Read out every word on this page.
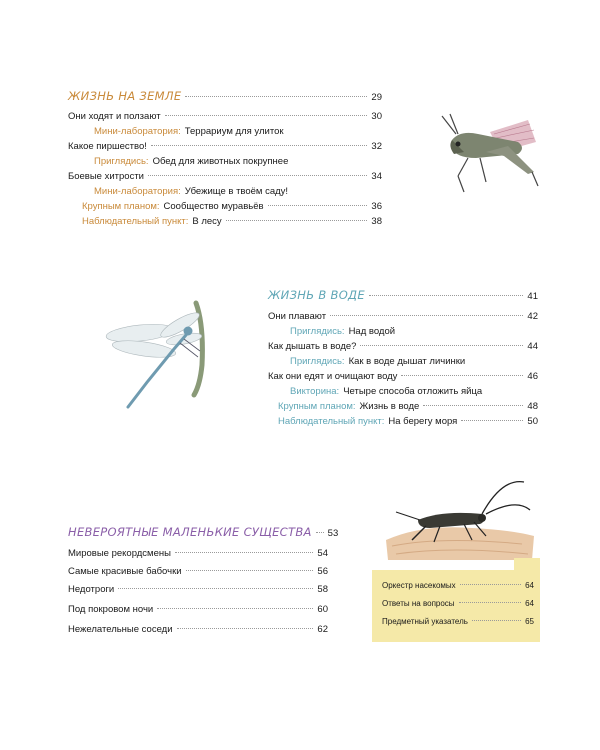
ЖИЗНЬ НА ЗЕМЛЕ	29
Они ходят и ползают	30
Мини-лаборатория: Террариум для улиток
Какое пиршество!	32
Приглядись: Обед для животных покрупнее
Боевые хитрости	34
Мини-лаборатория: Убежище в твоём саду!
Крупным планом: Сообщество муравьёв	36
Наблюдательный пункт: В лесу	38
ЖИЗНЬ В ВОДЕ	41
Они плавают	42
Приглядись: Над водой
Как дышать в воде?	44
Приглядись: Как в воде дышат личинки
Как они едят и очищают воду	46
Викторина: Четыре способа отложить яйца
Крупным планом: Жизнь в воде	48
Наблюдательный пункт: На берегу моря	50
НЕВЕРОЯТНЫЕ МАЛЕНЬКИЕ СУЩЕСТВА 53
Мировые рекордсмены	54
Самые красивые бабочки	56
Недотроги	58
Под покровом ночи	60
Нежелательные соседи	62
Оркестр насекомых	64
Ответы на вопросы	64
Предметный указатель	65
